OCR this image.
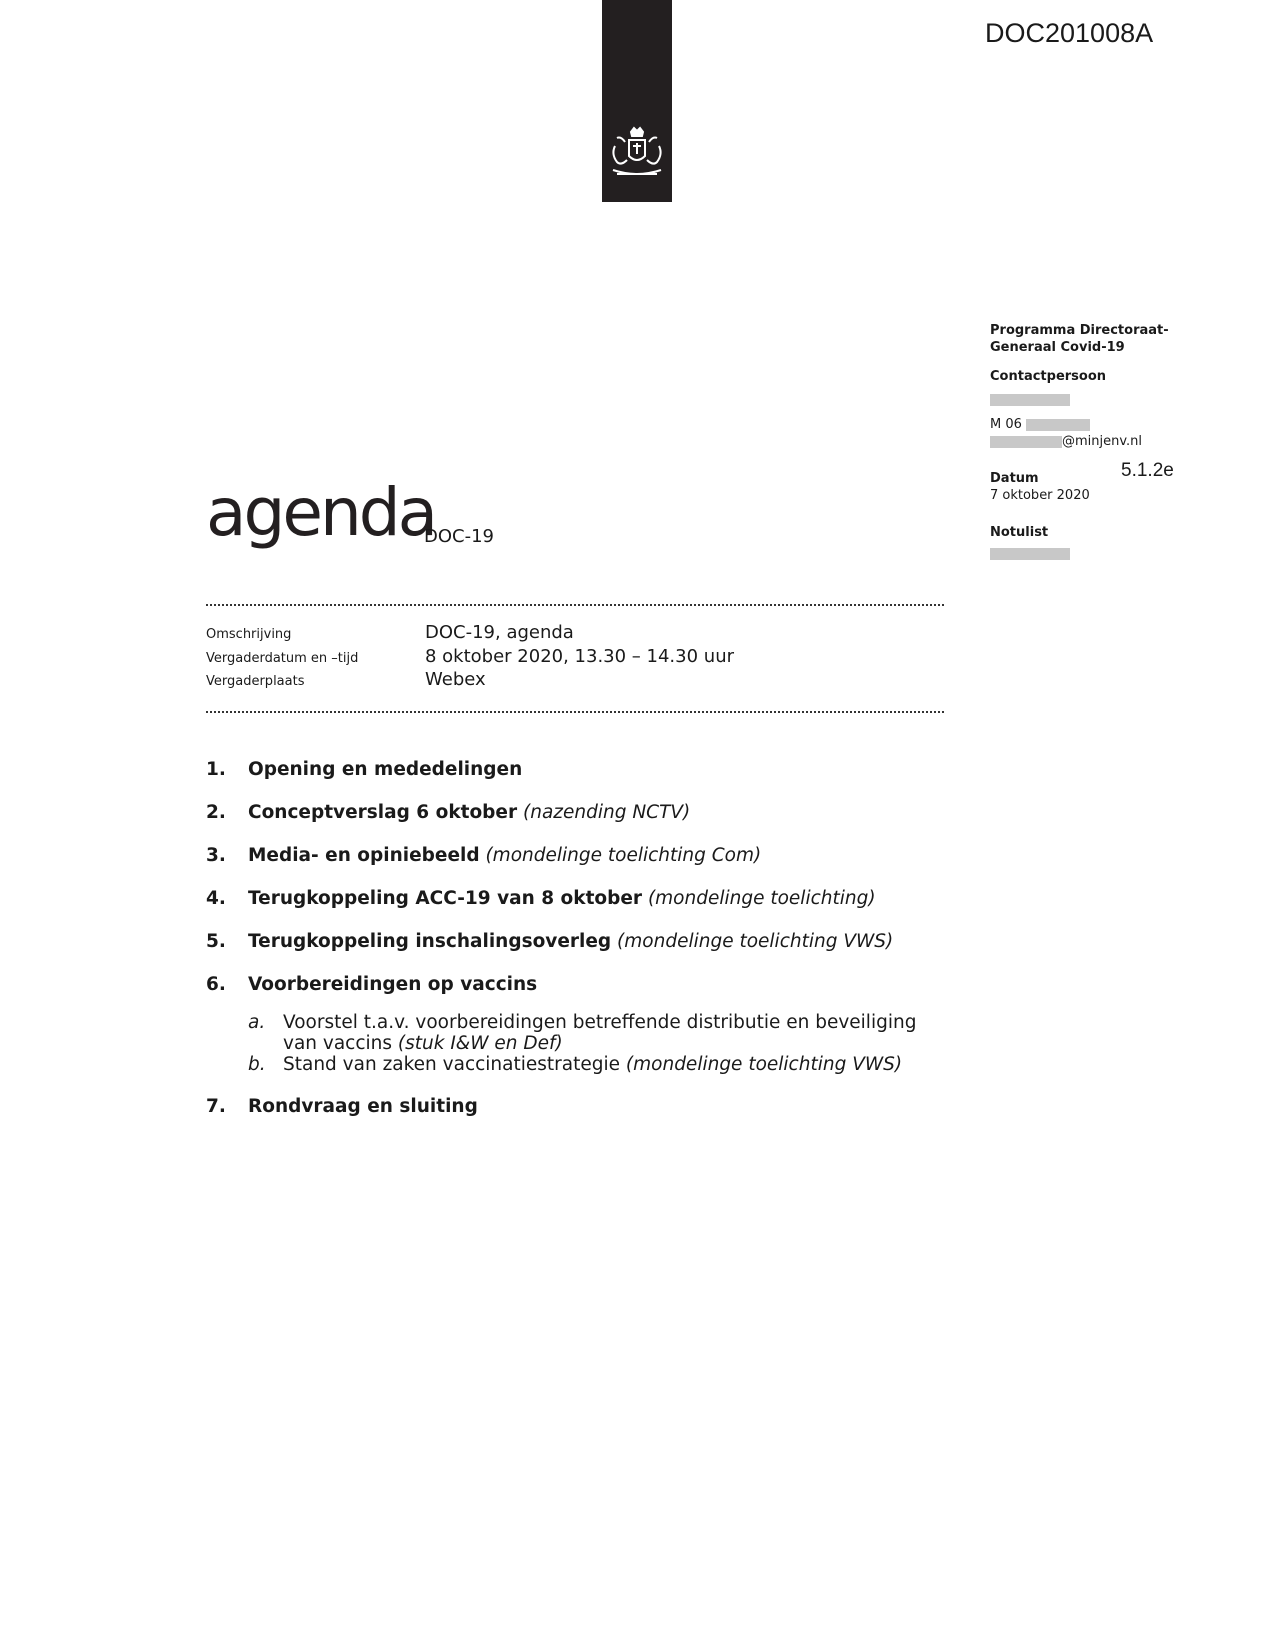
DOC201008A
Programma Directoraat-
Generaal Covid-19
Contactpersoon
M 06
@minjenv.nl
Datum
7 oktober 2020
Notulist
5.1.2e
agenda
DOC-19
Omschrijving	DOC-19, agenda
Vergaderdatum en –tijd	8 oktober 2020, 13.30 – 14.30 uur
Vergaderplaats	Webex
1. Opening en mededelingen
2. Conceptverslag 6 oktober (nazending NCTV)
3. Media- en opiniebeeld (mondelinge toelichting Com)
4. Terugkoppeling ACC-19 van 8 oktober (mondelinge toelichting)
5. Terugkoppeling inschalingsoverleg (mondelinge toelichting VWS)
6. Voorbereidingen op vaccins
a. Voorstel t.a.v. voorbereidingen betreffende distributie en beveiliging van vaccins (stuk I&W en Def)
b. Stand van zaken vaccinatiestrategie (mondelinge toelichting VWS)
7. Rondvraag en sluiting
